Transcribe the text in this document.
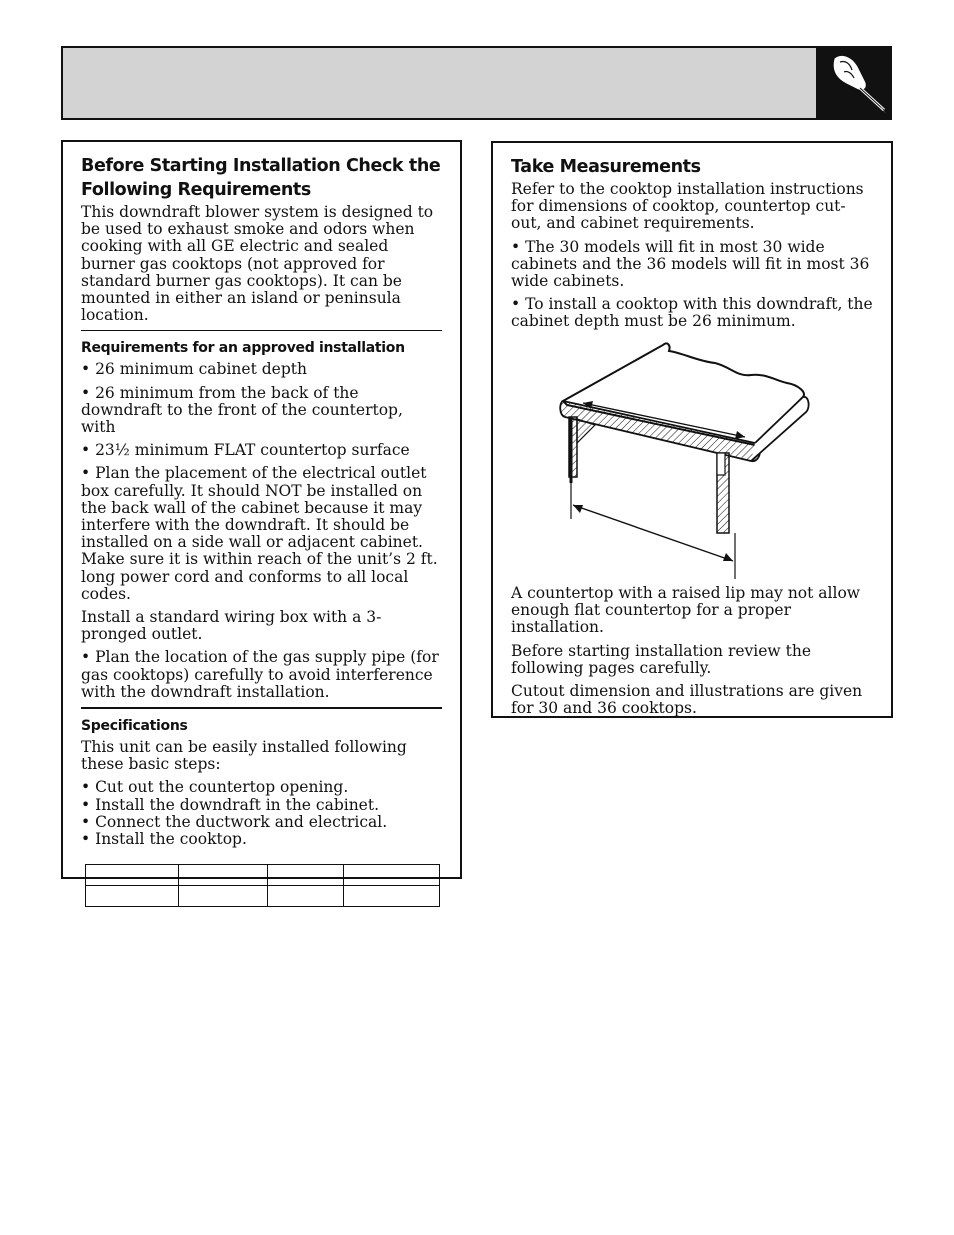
Before Starting Installation Check the Following Requirements

This downdraft blower system is designed to be used to exhaust smoke and odors when cooking with all GE electric and sealed burner gas cooktops (not approved for standard burner gas cooktops). It can be mounted in either an island or peninsula location.

Requirements for an approved installation

• 26 minimum cabinet depth

• 26 minimum from the back of the downdraft to the front of the countertop, with

• 23½ minimum FLAT countertop surface

• Plan the placement of the electrical outlet box carefully. It should NOT be installed on the back wall of the cabinet because it may interfere with the downdraft. It should be installed on a side wall or adjacent cabinet. Make sure it is within reach of the unit’s 2 ft. long power cord and conforms to all local codes.

Install a standard wiring box with a 3-pronged outlet.

• Plan the location of the gas supply pipe (for gas cooktops) carefully to avoid interference with the downdraft installation.

Specifications

This unit can be easily installed following these basic steps:

• Cut out the countertop opening.

• Install the downdraft in the cabinet.

• Connect the ductwork and electrical.

• Install the cooktop.

Take Measurements

Refer to the cooktop installation instructions for dimensions of cooktop, countertop cut-out, and cabinet requirements.

• The 30 models will fit in most 30 wide cabinets and the 36 models will fit in most 36 wide cabinets.

• To install a cooktop with this downdraft, the cabinet depth must be 26 minimum.

A countertop with a raised lip may not allow enough flat countertop for a proper installation.

Before starting installation review the following pages carefully.

Cutout dimension and illustrations are given for 30 and 36 cooktops.
